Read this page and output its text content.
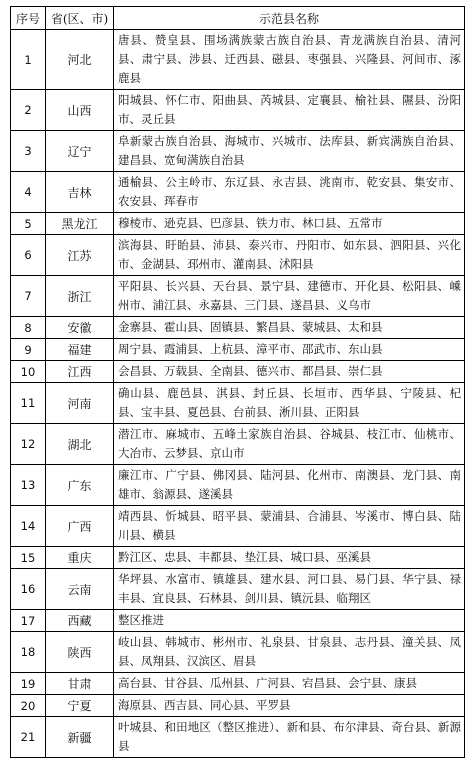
序号	省(区、市)	示范县名称
1	河北	唐县、赞皇县、围场满族蒙古族自治县、青龙满族自治县、清河县、肃宁县、涉县、迁西县、磁县、枣强县、兴隆县、河间市、涿鹿县
2	山西	阳城县、怀仁市、阳曲县、芮城县、定襄县、榆社县、隰县、汾阳市、灵丘县
3	辽宁	阜新蒙古族自治县、海城市、兴城市、法库县、新宾满族自治县、建昌县、宽甸满族自治县
4	吉林	通榆县、公主岭市、东辽县、永吉县、洮南市、乾安县、集安市、农安县、珲春市
5	黑龙江	穆棱市、逊克县、巴彦县、铁力市、林口县、五常市
6	江苏	滨海县、盱眙县、沛县、泰兴市、丹阳市、如东县、泗阳县、兴化市、金湖县、邳州市、灌南县、沭阳县
7	浙江	平阳县、长兴县、天台县、景宁县、建德市、开化县、松阳县、嵊州市、浦江县、永嘉县、三门县、遂昌县、义乌市
8	安徽	金寨县、霍山县、固镇县、繁昌县、蒙城县、太和县
9	福建	周宁县、霞浦县、上杭县、漳平市、邵武市、东山县
10	江西	会昌县、万载县、全南县、德兴市、都昌县、崇仁县
11	河南	确山县、鹿邑县、淇县、封丘县、长垣市、西华县、宁陵县、杞县、宝丰县、夏邑县、台前县、淅川县、正阳县
12	湖北	潜江市、麻城市、五峰土家族自治县、谷城县、枝江市、仙桃市、大冶市、云梦县、京山市
13	广东	廉江市、广宁县、佛冈县、陆河县、化州市、南澳县、龙门县、南雄市、翁源县、遂溪县
14	广西	靖西县、忻城县、昭平县、蒙浦县、合浦县、岑溪市、博白县、陆川县、横县
15	重庆	黔江区、忠县、丰都县、垫江县、城口县、巫溪县
16	云南	华坪县、水富市、镇雄县、建水县、河口县、易门县、华宁县、禄丰县、宜良县、石林县、剑川县、镇沅县、临翔区
17	西藏	整区推进
18	陕西	岐山县、韩城市、彬州市、礼泉县、甘泉县、志丹县、潼关县、凤县、凤翔县、汉滨区、眉县
19	甘肃	高台县、甘谷县、瓜州县、广河县、宕昌县、会宁县、康县
20	宁夏	海原县、西吉县、同心县、平罗县
21	新疆	叶城县、和田地区（整区推进）、新和县、布尔津县、奇台县、新源县
